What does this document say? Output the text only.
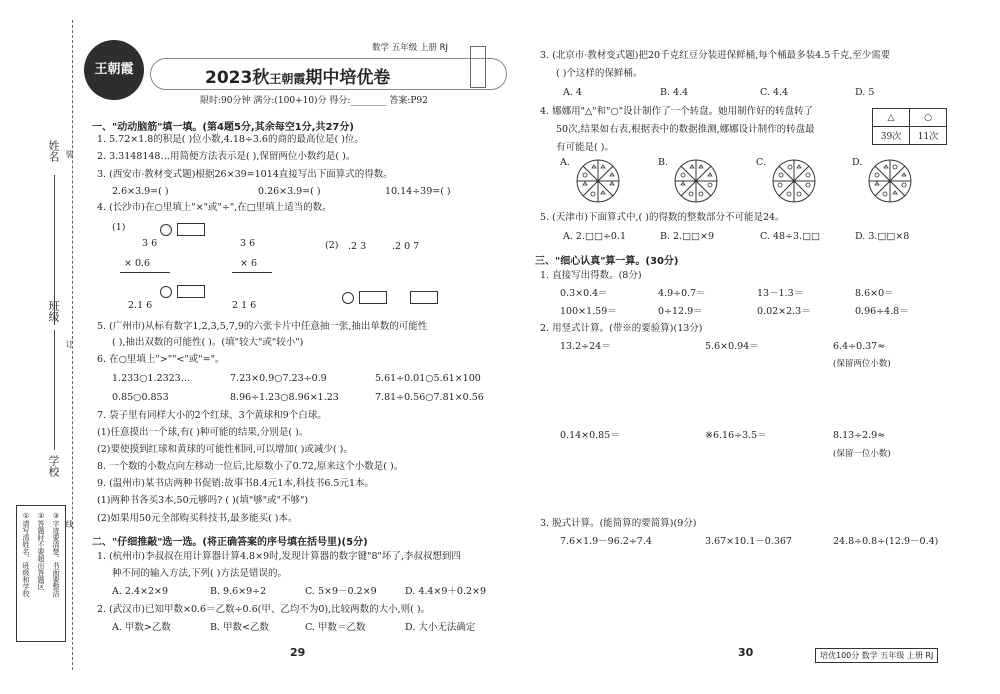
姓名
班级
学校
装
订
线
①请写清姓名、班级和学校 ②答题时不要超出答题区 ③字迹要清楚、书面要整洁
王朝霞
数学 五年级 上册 RJ
2023秋王朝霞期中培优卷
限时:90分钟 满分:(100+10)分 得分:________ 答案:P92
一、"动动脑筋"填一填。(第4题5分,其余每空1分,共27分)
1. 5.72×1.8的积是( )位小数,4.18÷3.6的商的最高位是( )位。
2. 3.3148148…用简便方法表示是( ),保留两位小数约是( )。
3. (西安市·教材变式题)根据26×39=1014直接写出下面算式的得数。
2.6×3.9=( )	0.26×3.9=( )	10.14÷39=( )
4. (长沙市)在○里填上"×"或"÷",在□里填上适当的数。
(1)

3 6	3 6
× 0.6	× 6

2.1 6	2 1 6
(2) .2 3	.2 0 7

5. (广州市)从标有数字1,2,3,5,7,9的六张卡片中任意抽一张,抽出单数的可能性
( ),抽出双数的可能性( )。(填"较大"或"较小")
6. 在○里填上">""<"或"="。
1.233○1.2323…	7.23×0.9○7.23÷0.9	5.61÷0.01○5.61×100
0.85○0.853	8.96÷1.23○8.96×1.23	7.81÷0.56○7.81×0.56
7. 袋子里有同样大小的2个红球、3个黄球和9个白球。
(1)任意摸出一个球,有( )种可能的结果,分别是( )。
(2)要使摸到红球和黄球的可能性相同,可以增加( )或减少( )。
8. 一个数的小数点向左移动一位后,比原数小了0.72,原来这个小数是( )。
9. (温州市)某书店两种书促销:故事书8.4元1本,科技书6.5元1本。
(1)两种书各买3本,50元够吗? ( )(填"够"或"不够")
(2)如果用50元全部购买科技书,最多能买( )本。
二、"仔细推敲"选一选。(将正确答案的序号填在括号里)(5分)
1. (杭州市)李叔叔在用计算器计算4.8×9时,发现计算器的数字键"8"坏了,李叔叔想到四
种不同的输入方法,下列( )方法是错误的。
A. 2.4×2×9	B. 9.6×9÷2	C. 5×9－0.2×9	D. 4.4×9＋0.2×9
2. (武汉市)已知甲数×0.6＝乙数÷0.6(甲、乙均不为0),比较两数的大小,则( )。
A. 甲数>乙数	B. 甲数<乙数	C. 甲数＝乙数	D. 大小无法确定
3. (北京市·教材变式题)把20千克红豆分装进保鲜桶,每个桶最多装4.5千克,至少需要
( )个这样的保鲜桶。
A. 4	B. 4.4	C. 4.4̇	D. 5
4. 娜娜用"△"和"○"设计制作了一个转盘。她用制作好的转盘转了
50次,结果如右表,根据表中的数据推测,娜娜设计制作的转盘最
有可能是( )。
△	○
39次	11次
A.	B.	C.	D.
5. (天津市)下面算式中,( )的得数的整数部分不可能是24。
A. 2.□□÷0.1	B. 2.□□×9	C. 48÷3.□□	D. 3.□□×8
三、"细心认真"算一算。(30分)
1. 直接写出得数。(8分)
0.3×0.4＝	4.9÷0.7＝	13－1.3＝	8.6×0＝
100×1.59＝	0÷12.9＝	0.02×2.3＝	0.96÷4.8＝
2. 用竖式计算。(带※的要验算)(13分)
13.2÷24＝	5.6×0.94＝	6.4÷0.37≈
(保留两位小数)
0.14×0.85＝	※6.16÷3.5＝	8.13÷2.9≈
(保留一位小数)
3. 脱式计算。(能简算的要简算)(9分)
7.6×1.9－96.2÷7.4	3.67×10.1－0.367	24.8÷0.8÷(12.9－0.4)
29	30	培优100分 数学 五年级 上册 RJ
